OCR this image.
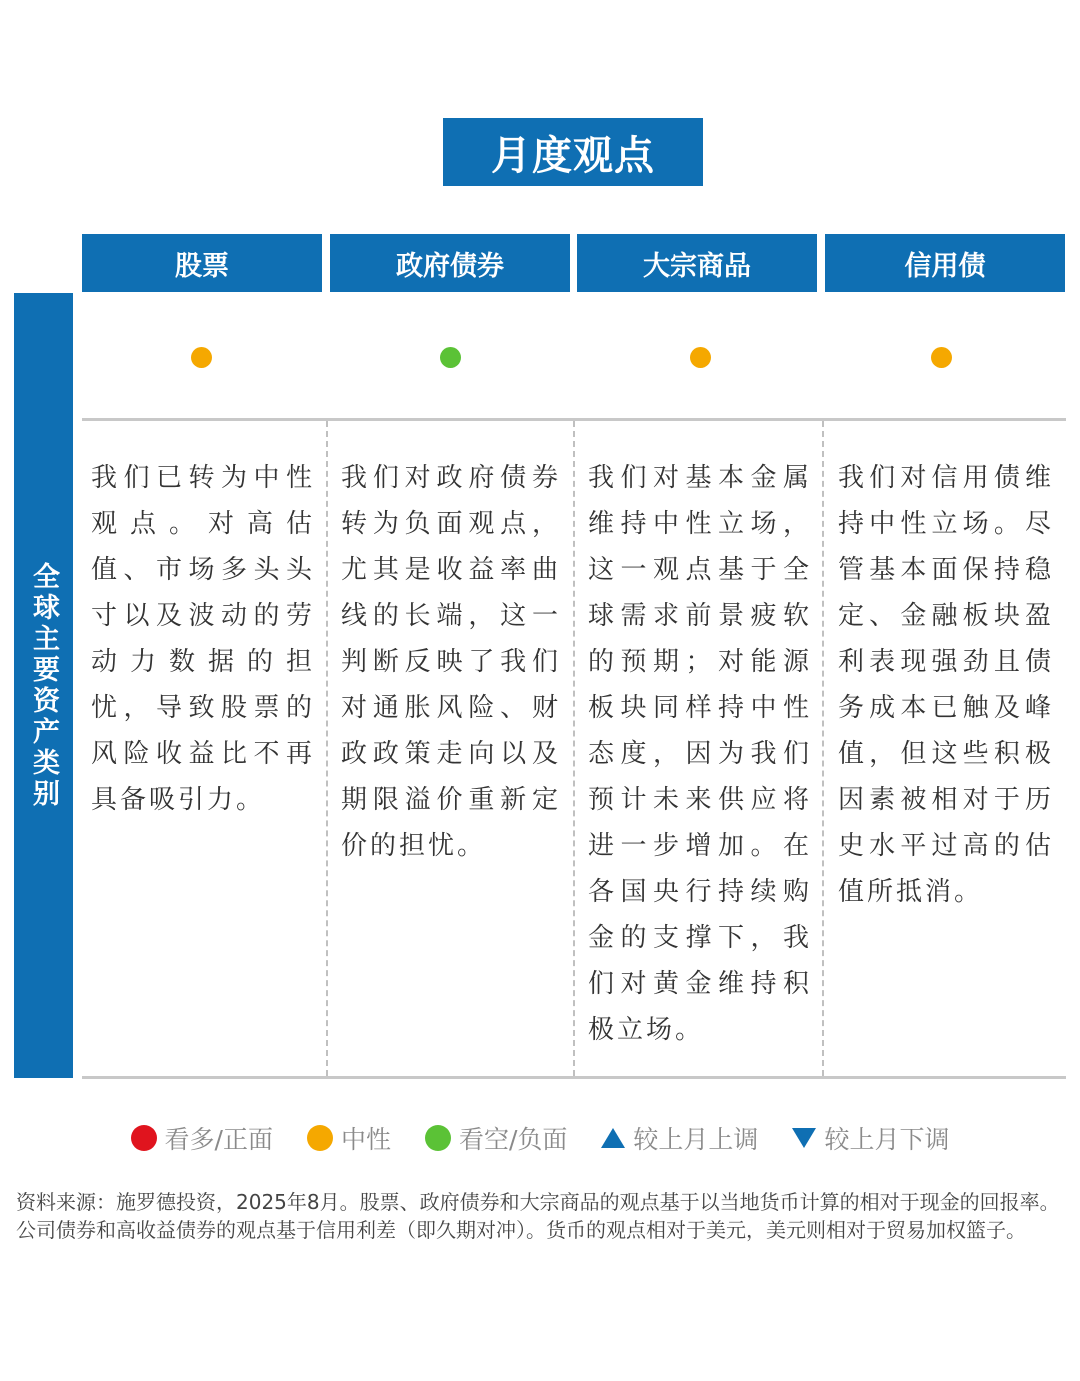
月度观点
股票	政府债券	大宗商品	信用债
全球主要资产类别
我们已转为中性观点。对高估值、市场多头头寸以及波动的劳动力数据的担忧，导致股票的风险收益比不再具备吸引力。
我们对政府债券转为负面观点，尤其是收益率曲线的长端，这一判断反映了我们对通胀风险、财政政策走向以及期限溢价重新定价的担忧。
我们对基本金属维持中性立场，这一观点基于全球需求前景疲软的预期；对能源板块同样持中性态度，因为我们预计未来供应将进一步增加。在各国央行持续购金的支撑下，我们对黄金维持积极立场。
我们对信用债维持中性立场。尽管基本面保持稳定、金融板块盈利表现强劲且债务成本已触及峰值，但这些积极因素被相对于历史水平过高的估值所抵消。
看多/正面	中性	看空/负面	较上月上调	较上月下调
资料来源：施罗德投资，2025年8月。股票、政府债券和大宗商品的观点基于以当地货币计算的相对于现金的回报率。公司债券和高收益债券的观点基于信用利差（即久期对冲）。货币的观点相对于美元，美元则相对于贸易加权篮子。
